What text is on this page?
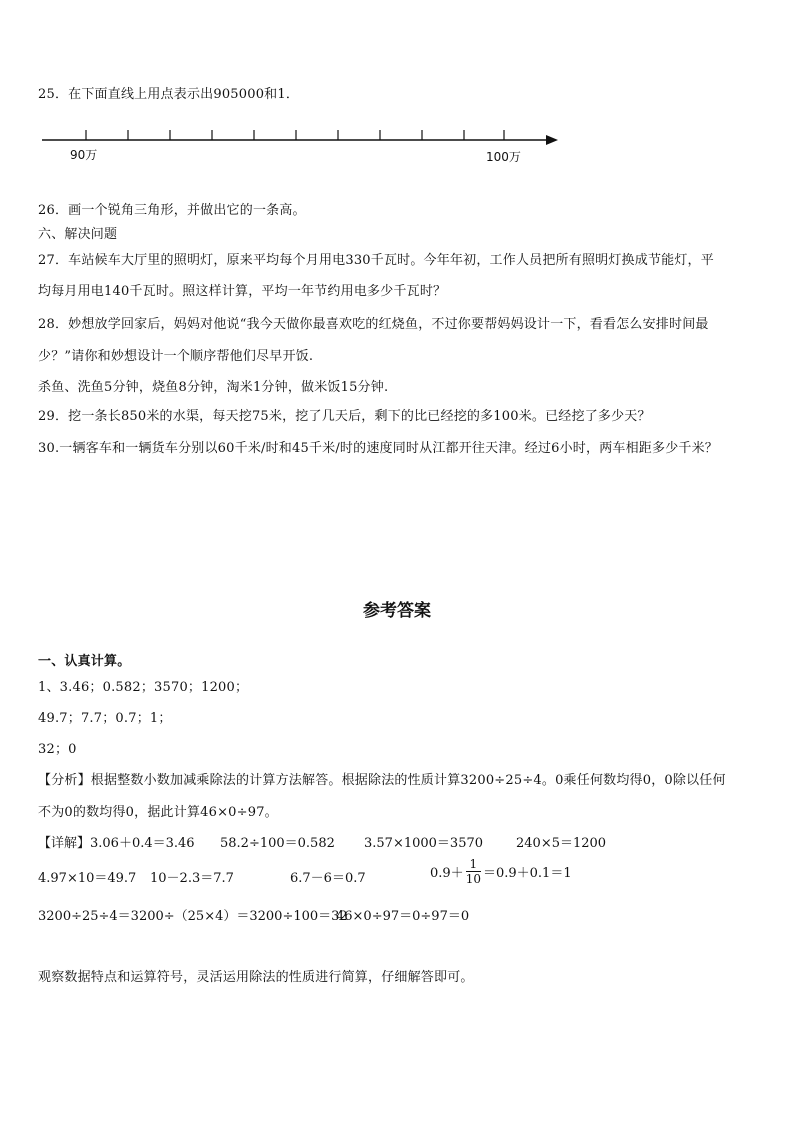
25．在下面直线上用点表示出905000和1．
90万	100万
26．画一个锐角三角形，并做出它的一条高。
六、解决问题
27．车站候车大厅里的照明灯，原来平均每个月用电330千瓦时。今年年初，工作人员把所有照明灯换成节能灯，平
均每月用电140千瓦时。照这样计算，平均一年节约用电多少千瓦时？
28．妙想放学回家后，妈妈对他说“我今天做你最喜欢吃的红烧鱼，不过你要帮妈妈设计一下，看看怎么安排时间最
少？”请你和妙想设计一个顺序帮他们尽早开饭.
杀鱼、洗鱼5分钟，烧鱼8分钟，淘米1分钟，做米饭15分钟.
29．挖一条长850米的水渠，每天挖75米，挖了几天后，剩下的比已经挖的多100米。已经挖了多少天？
30.一辆客车和一辆货车分别以60千米/时和45千米/时的速度同时从江都开往天津。经过6小时，两车相距多少千米？
参考答案
一、认真计算。
1、3.46；0.582；3570；1200；
49.7；7.7；0.7；1；
32；0
【分析】根据整数小数加减乘除法的计算方法解答。根据除法的性质计算3200÷25÷4。0乘任何数均得0，0除以任何
不为0的数均得0，据此计算46×0÷97。
【详解】3.06＋0.4＝3.46 58.2÷100＝0.582 3.57×1000＝3570	240×5＝1200
4.97×10＝49.7 10－2.3＝7.7	6.7－6＝0.7	$0.9+ \frac{1}{10} =0.9+0.1=1$
3200÷25÷4＝3200÷（25×4）＝3200÷100＝32
46×0÷97＝0÷97＝0
观察数据特点和运算符号，灵活运用除法的性质进行简算，仔细解答即可。
